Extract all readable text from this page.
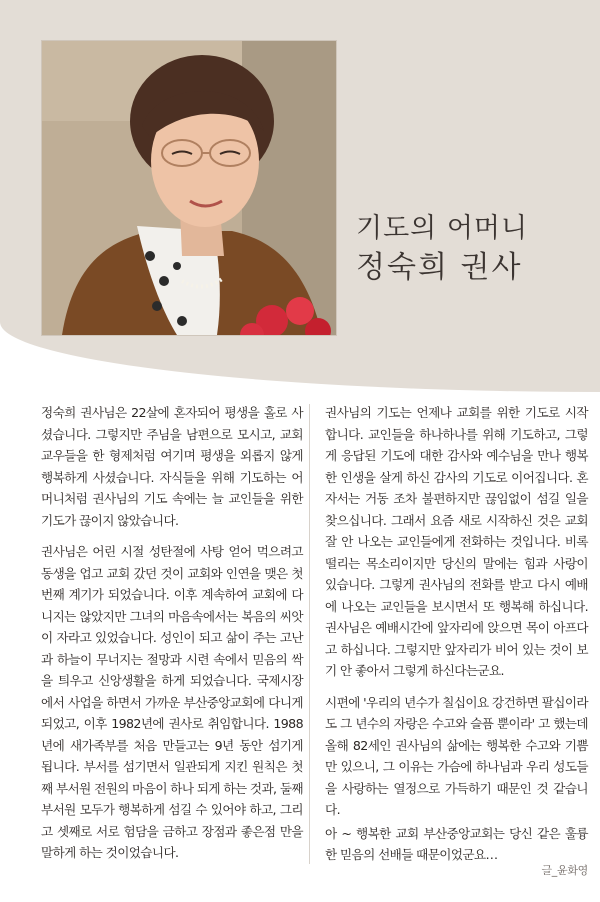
기도의 어머니
정숙희 권사

정숙희 권사님은 22살에 혼자되어 평생을 홀로 사셨습니다. 그렇지만 주님을 남편으로 모시고, 교회 교우들을 한 형제처럼 여기며 평생을 외롭지 않게 행복하게 사셨습니다. 자식들을 위해 기도하는 어머니처럼 권사님의 기도 속에는 늘 교인들을 위한 기도가 끊이지 않았습니다.

권사님은 어린 시절 성탄절에 사탕 얻어 먹으려고 동생을 업고 교회 갔던 것이 교회와 인연을 맺은 첫 번째 계기가 되었습니다. 이후 계속하여 교회에 다니지는 않았지만 그녀의 마음속에서는 복음의 씨앗이 자라고 있었습니다. 성인이 되고 삶이 주는 고난과 하늘이 무너지는 절망과 시련 속에서 믿음의 싹을 틔우고 신앙생활을 하게 되었습니다. 국제시장에서 사업을 하면서 가까운 부산중앙교회에 다니게 되었고, 이후 1982년에 권사로 취임합니다. 1988년에 새가족부를 처음 만들고는 9년 동안 섬기게 됩니다. 부서를 섬기면서 일관되게 지킨 원칙은 첫째 부서원 전원의 마음이 하나 되게 하는 것과, 둘째 부서원 모두가 행복하게 섬길 수 있어야 하고, 그리고 셋째로 서로 험담을 금하고 장점과 좋은점 만을 말하게 하는 것이었습니다.

권사님의 기도는 언제나 교회를 위한 기도로 시작합니다. 교인들을 하나하나를 위해 기도하고, 그렇게 응답된 기도에 대한 감사와 예수님을 만나 행복한 인생을 살게 하신 감사의 기도로 이어집니다. 혼자서는 거동 조차 불편하지만 끊임없이 섬길 일을 찾으십니다. 그래서 요즘 새로 시작하신 것은 교회 잘 안 나오는 교인들에게 전화하는 것입니다. 비록 떨리는 목소리이지만 당신의 말에는 힘과 사랑이 있습니다. 그렇게 권사님의 전화를 받고 다시 예배에 나오는 교인들을 보시면서 또 행복해 하십니다. 권사님은 예배시간에 앞자리에 앉으면 목이 아프다고 하십니다. 그렇지만 앞자리가 비어 있는 것이 보기 안 좋아서 그렇게 하신다는군요.

시편에 '우리의 년수가 칠십이요 강건하면 팔십이라도 그 년수의 자랑은 수고와 슬픔 뿐이라' 고 했는데 올해 82세인 권사님의 삶에는 행복한 수고와 기쁨만 있으니, 그 이유는 가슴에 하나님과 우리 성도들을 사랑하는 열정으로 가득하기 때문인 것 같습니다.

아 ~ 행복한 교회 부산중앙교회는 당신 같은 훌륭한 믿음의 선배들 때문이었군요…

글_윤화영
